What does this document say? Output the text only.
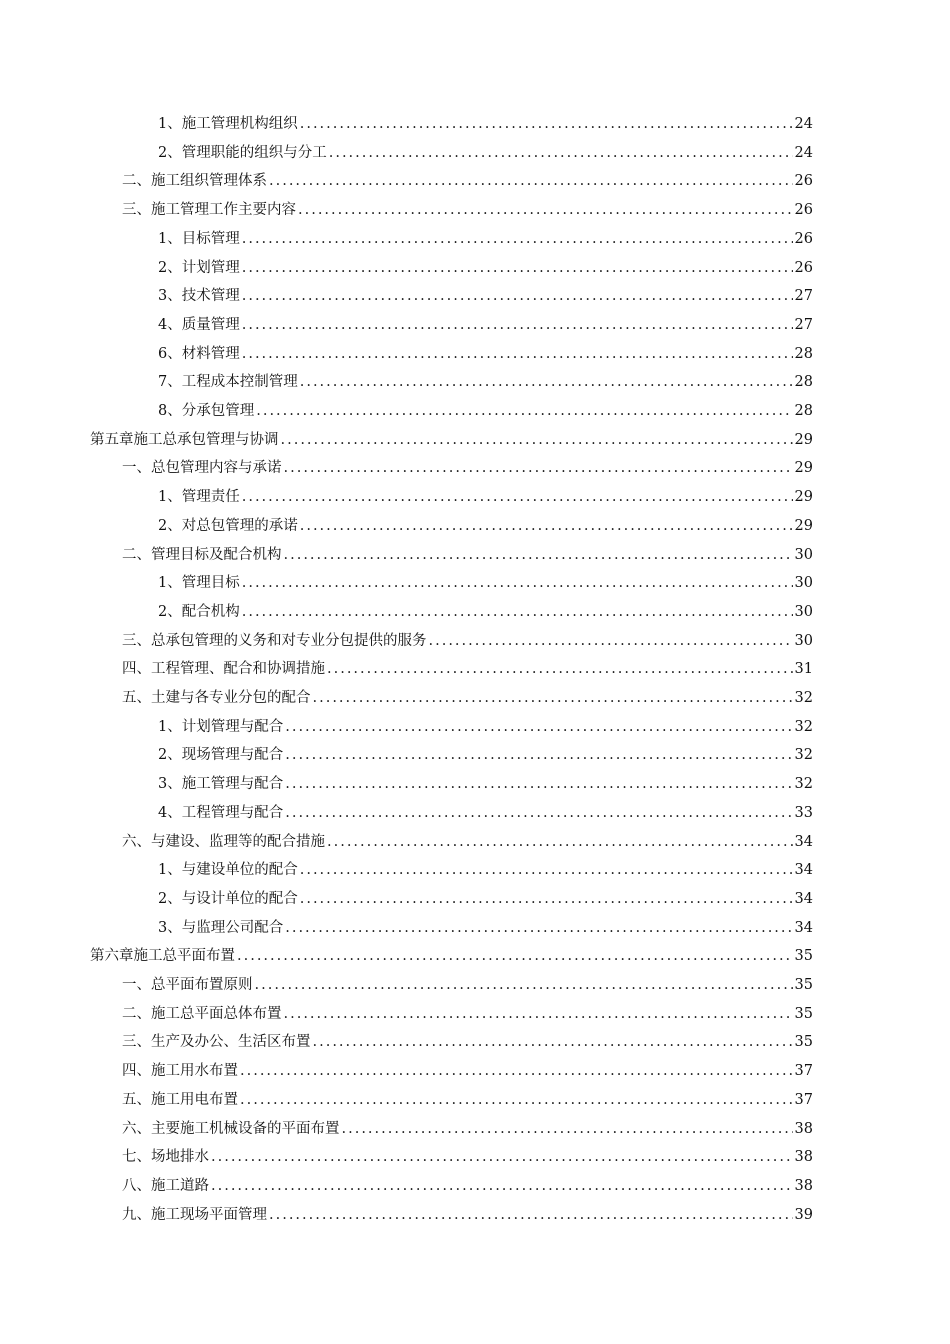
1、施工管理机构组织 .....	24
2、管理职能的组织与分工 .....	24
二、施工组织管理体系 .....	26
三、施工管理工作主要内容 .....	26
1、目标管理 .....	26
2、计划管理 .....	26
3、技术管理 .....	27
4、质量管理 .....	27
6、材料管理 .....	28
7、工程成本控制管理 .....	28
8、分承包管理 .....	28
第五章 施工总承包管理与协调 .....	29
一、总包管理内容与承诺 .....	29
1、管理责任 .....	29
2、对总包管理的承诺 .....	29
二、管理目标及配合机构 .....	30
1、管理目标 .....	30
2、配合机构 .....	30
三、总承包管理的义务和对专业分包提供的服务 .....	30
四、工程管理、配合和协调措施 .....	31
五、土建与各专业分包的配合 .....	32
1、计划管理与配合 .....	32
2、现场管理与配合 .....	32
3、施工管理与配合 .....	32
4、工程管理与配合 .....	33
六、与建设、监理等的配合措施 .....	34
1、与建设单位的配合 .....	34
2、与设计单位的配合 .....	34
3、与监理公司配合 .....	34
第六章 施工总平面布置 .....	35
一、总平面布置原则 .....	35
二、施工总平面总体布置 .....	35
三、生产及办公、生活区布置 .....	35
四、施工用水布置 .....	37
五、施工用电布置 .....	37
六、主要施工机械设备的平面布置 .....	38
七、场地排水 .....	38
八、施工道路 .....	38
九、施工现场平面管理 .....	39
